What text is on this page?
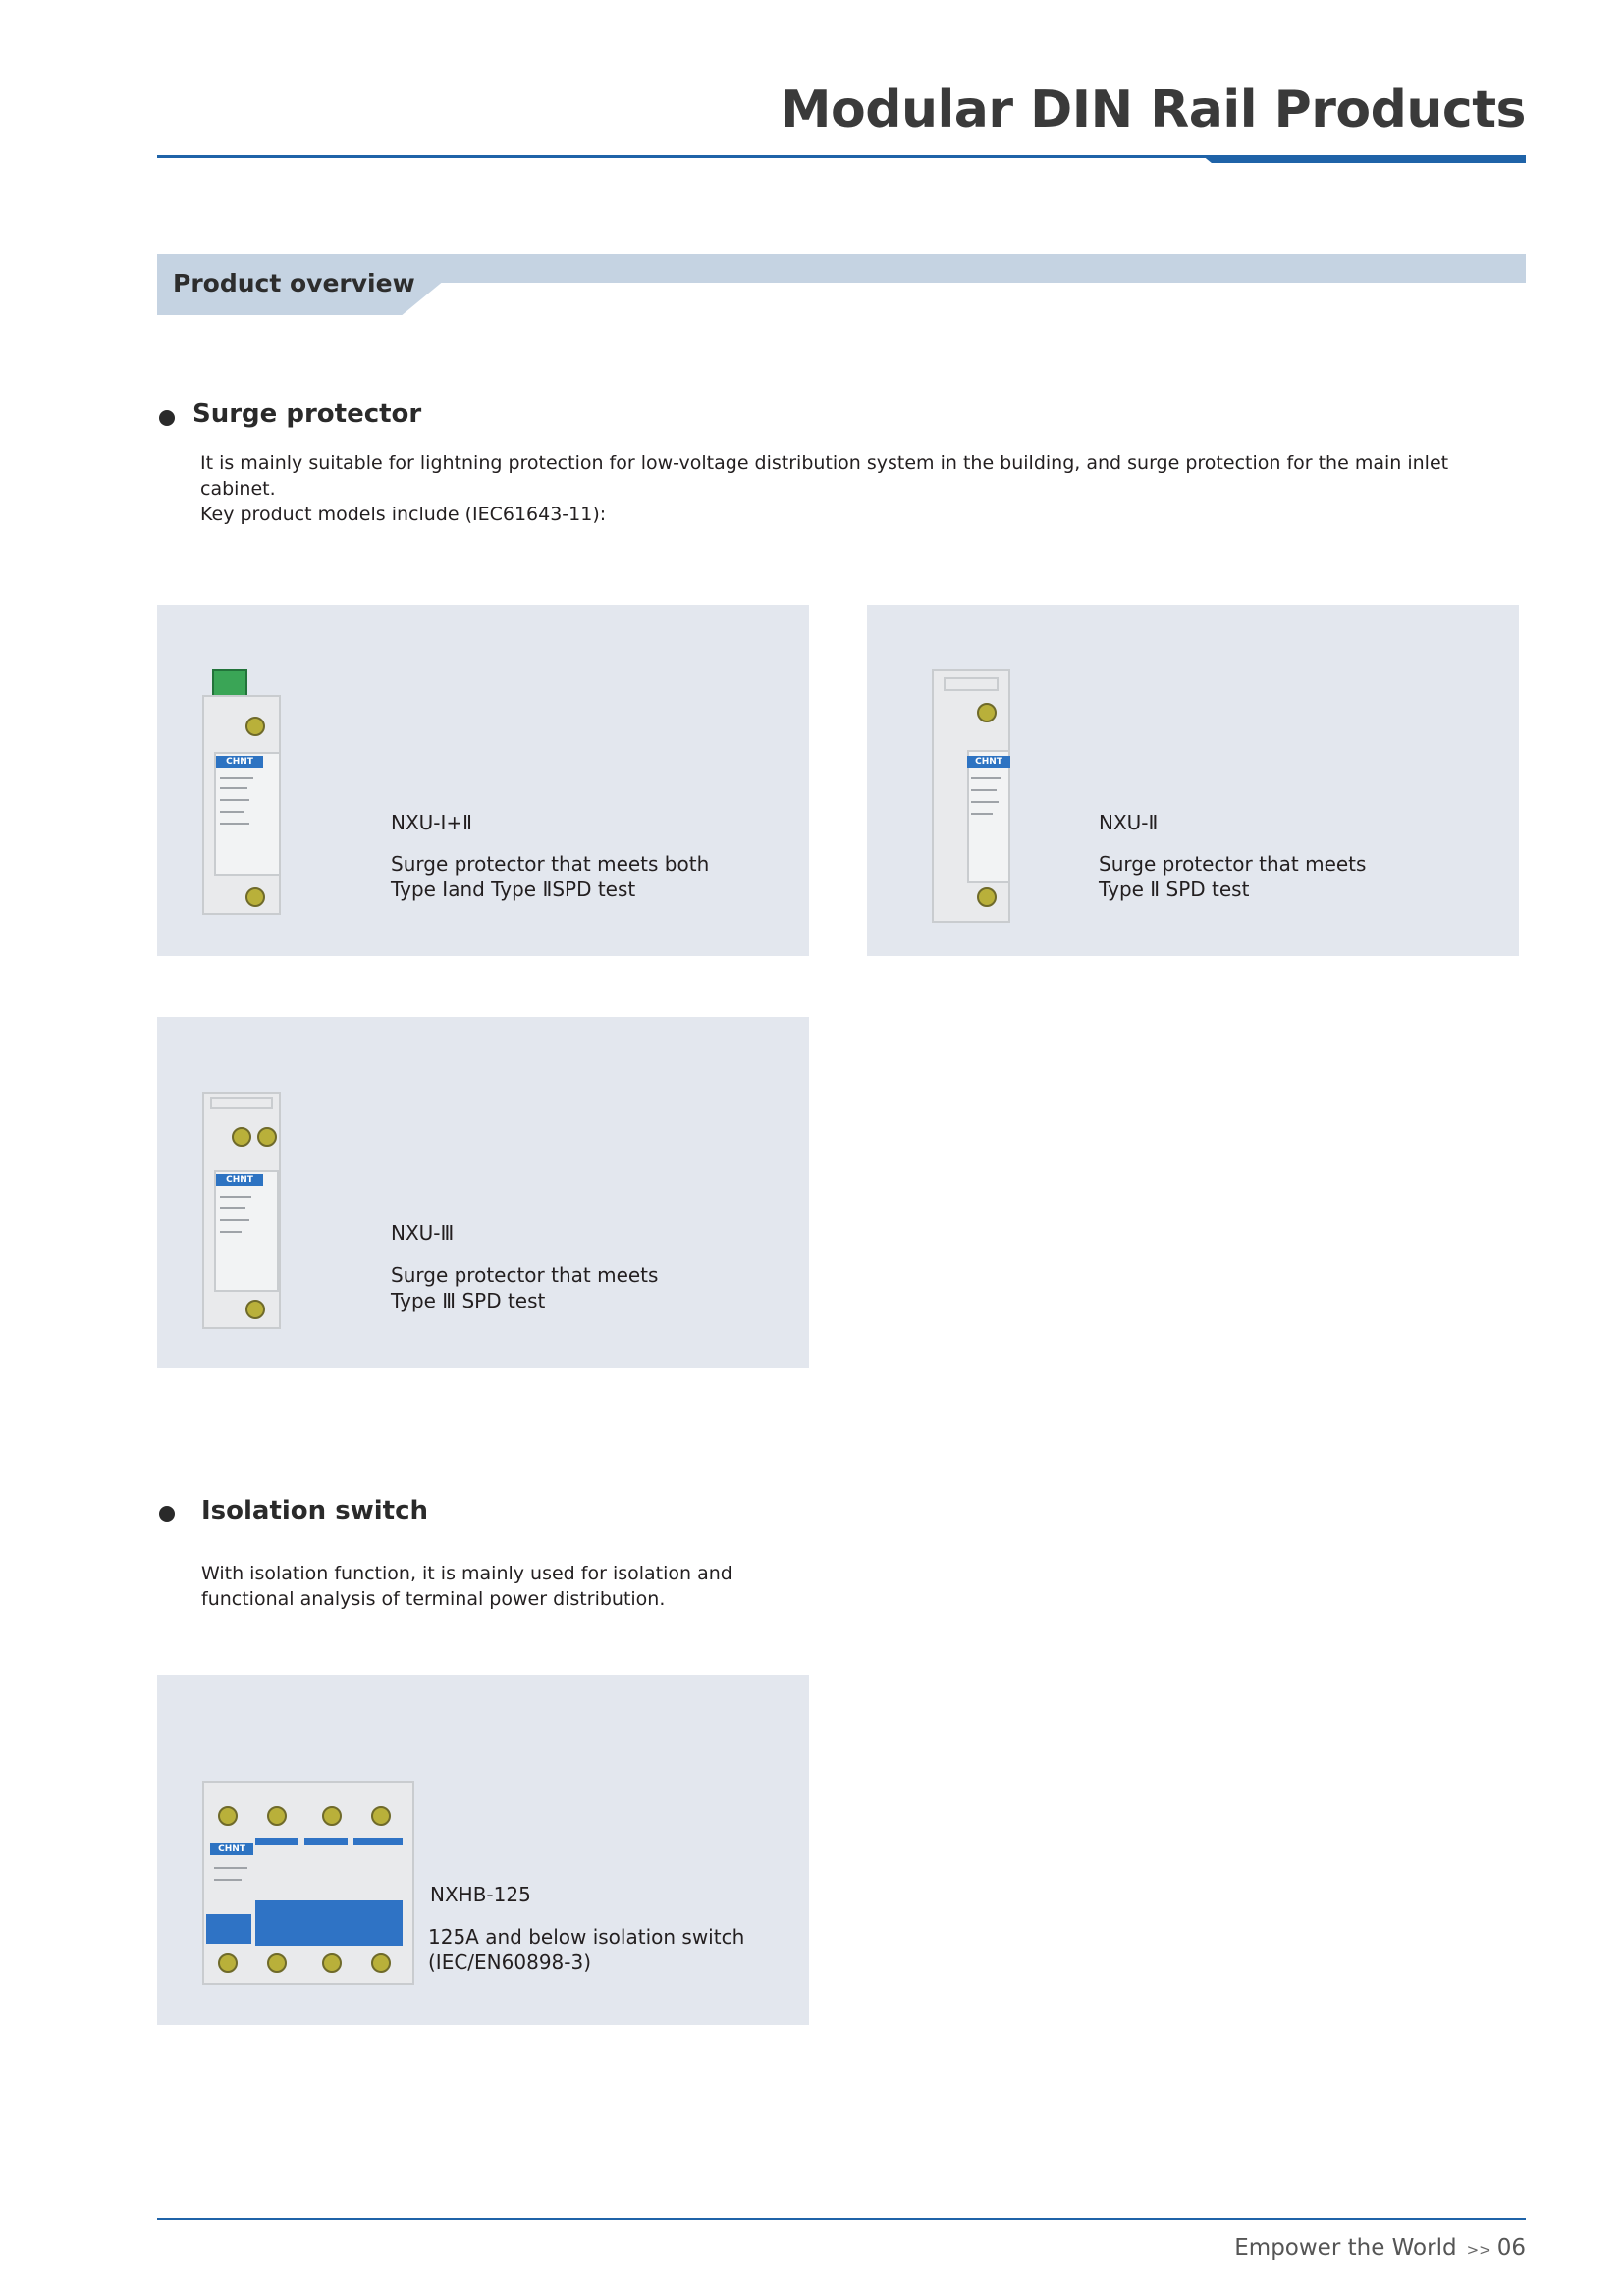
Modular DIN Rail Products
Product overview
Surge protector
It is mainly suitable for lightning protection for low-voltage distribution system in the building, and surge protection for the main inlet
cabinet.
Key product models include (IEC61643-11):
CHNT
NXU-Ⅰ+Ⅱ
Surge protector that meets both
Type Ⅰand Type ⅡSPD test
CHNT
NXU-Ⅱ
Surge protector that meets
Type Ⅱ SPD test
CHNT
NXU-Ⅲ
Surge protector that meets
Type Ⅲ SPD test
Isolation switch
With isolation function, it is mainly used for isolation and
functional analysis of terminal power distribution.
CHNT
NXHB-125
125A and below isolation switch
(IEC/EN60898-3)
Empower the World >> 06
